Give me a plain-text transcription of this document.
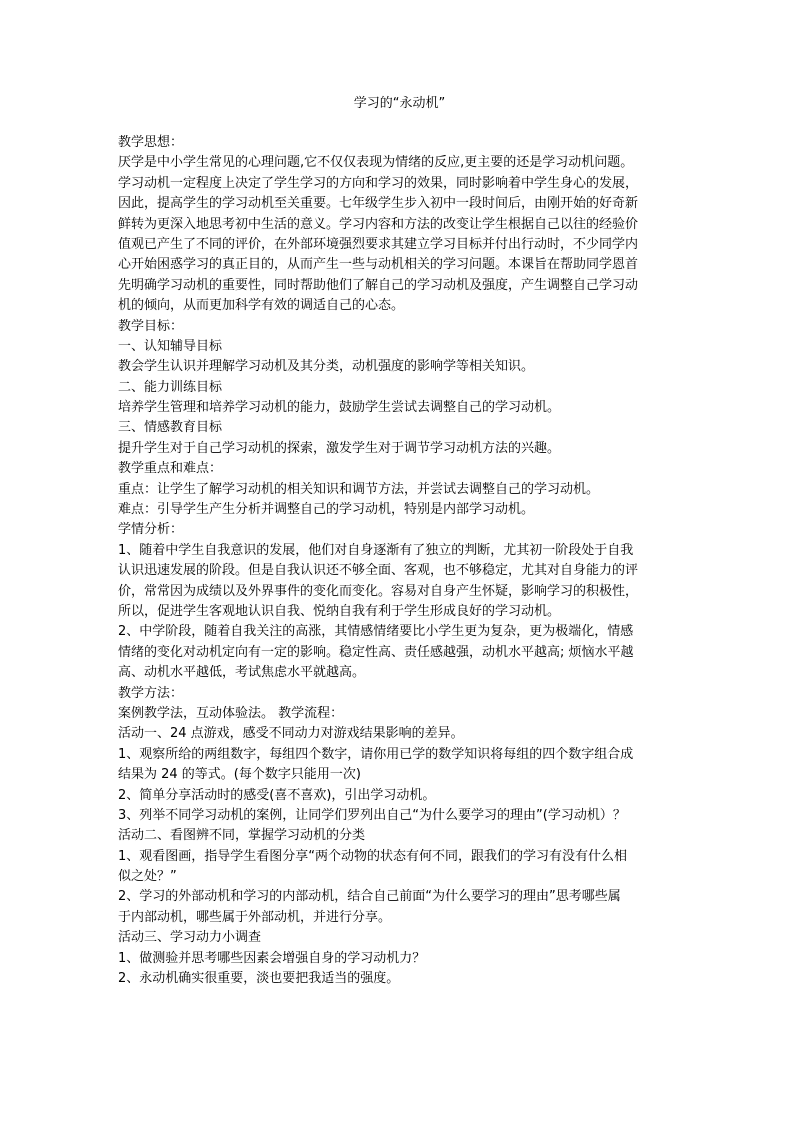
学习的“永动机”
教学思想：
厌学是中小学生常见的心理问题,它不仅仅表现为情绪的反应,更主要的还是学习动机问题。
学习动机一定程度上决定了学生学习的方向和学习的效果，同时影响着中学生身心的发展，
因此，提高学生的学习动机至关重要。七年级学生步入初中一段时间后，由刚开始的好奇新
鲜转为更深入地思考初中生活的意义。学习内容和方法的改变让学生根据自己以往的经验价
值观已产生了不同的评价，在外部环境强烈要求其建立学习目标并付出行动时，不少同学内
心开始困惑学习的真正目的，从而产生一些与动机相关的学习问题。本课旨在帮助同学恩首
先明确学习动机的重要性，同时帮助他们了解自己的学习动机及强度，产生调整自己学习动
机的倾向，从而更加科学有效的调适自己的心态。
教学目标：
一、认知辅导目标
教会学生认识并理解学习动机及其分类，动机强度的影响学等相关知识。
二、能力训练目标
培养学生管理和培养学习动机的能力，鼓励学生尝试去调整自己的学习动机。
三、情感教育目标
提升学生对于自己学习动机的探索，激发学生对于调节学习动机方法的兴趣。
教学重点和难点：
重点：让学生了解学习动机的相关知识和调节方法，并尝试去调整自己的学习动机。
难点：引导学生产生分析并调整自己的学习动机，特别是内部学习动机。
学情分析：
1、随着中学生自我意识的发展，他们对自身逐渐有了独立的判断，尤其初一阶段处于自我
认识迅速发展的阶段。但是自我认识还不够全面、客观，也不够稳定，尤其对自身能力的评
价，常常因为成绩以及外界事件的变化而变化。容易对自身产生怀疑，影响学习的积极性，
所以，促进学生客观地认识自我、悦纳自我有利于学生形成良好的学习动机。
2、中学阶段，随着自我关注的高涨，其情感情绪要比小学生更为复杂，更为极端化，情感
情绪的变化对动机定向有一定的影响。稳定性高、责任感越强，动机水平越高; 烦恼水平越
高、动机水平越低，考试焦虑水平就越高。
教学方法：
案例教学法，互动体验法。 教学流程：
活动一、24 点游戏，感受不同动力对游戏结果影响的差异。
1、观察所给的两组数字，每组四个数字，请你用已学的数学知识将每组的四个数字组合成
结果为 24 的等式。(每个数字只能用一次)
2、简单分享活动时的感受(喜不喜欢)，引出学习动机。
3、列举不同学习动机的案例，让同学们罗列出自己“为什么要学习的理由”(学习动机）？
活动二、看图辨不同，掌握学习动机的分类
1、观看图画，指导学生看图分享“两个动物的状态有何不同，跟我们的学习有没有什么相
似之处？”
2、学习的外部动机和学习的内部动机，结合自己前面“为什么要学习的理由”思考哪些属
于内部动机，哪些属于外部动机，并进行分享。
活动三、学习动力小调查
1、做测验并思考哪些因素会增强自身的学习动机力？
2、永动机确实很重要，淡也要把我适当的强度。
